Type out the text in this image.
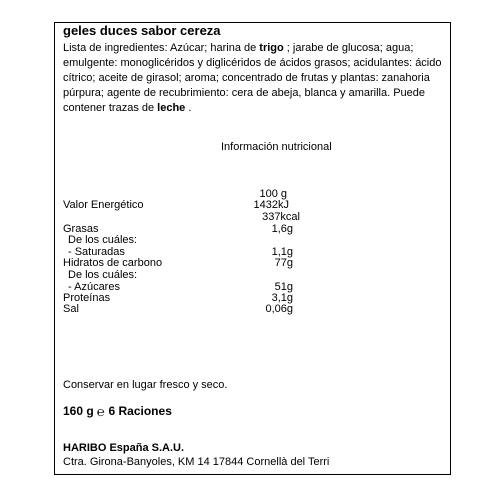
geles duces sabor cereza
Lista de ingredientes: Azúcar; harina de trigo ; jarabe de glucosa; agua; emulgente: monoglicéridos y diglicéridos de ácidos grasos; acidulantes: ácido cítrico; aceite de girasol; aroma; concentrado de frutas y plantas: zanahoria púrpura; agente de recubrimiento: cera de abeja, blanca y amarilla. Puede contener trazas de leche .
Información nutricional
100 g
Valor Energético	1432kJ
337kcal
Grasas	1,6g
De los cuáles:
- Saturadas	1,1g
Hidratos de carbono	77g
De los cuáles:
- Azúcares	51g
Proteínas	3,1g
Sal	0,06g
Conservar en lugar fresco y seco.
160 g ℮ 6 Raciones
HARIBO España S.A.U.
Ctra. Girona-Banyoles, KM 14 17844 Cornellà del Terri
